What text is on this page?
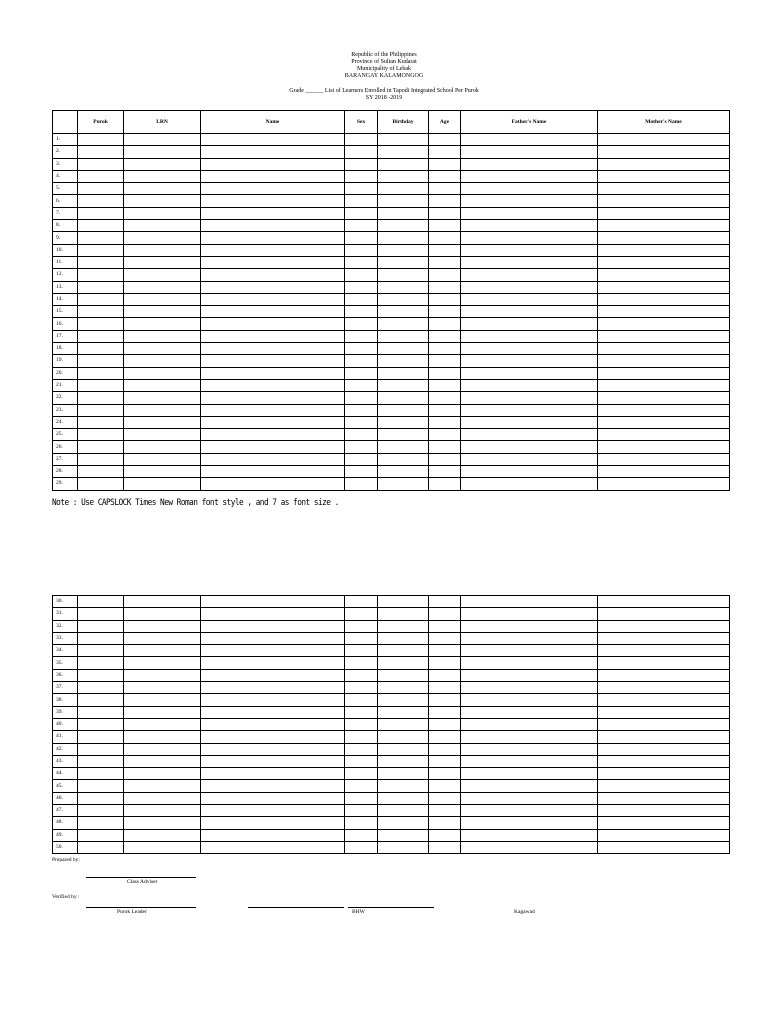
Republic of the Philippines
Province of Sultan Kudarat
Municipality of Lebak
BARANGAY KALAMONGOG
Grade ______ List of Learners Enrolled in Tapodi Integrated School Per Purok
SY 2018 -2019
	Purok	LRN	Name	Sex	Birthday	Age	Father's Name	Mother's Name
1.								
2.								
3.								
4.								
5.								
6.								
7.								
8.								
9.								
10.								
11.								
12.								
13.								
14.								
15.								
16.								
17.								
18.								
19.								
20.								
21.								
22.								
23.								
24.								
25.								
26.								
27.								
28.								
29.								
Note : Use CAPSLOCK Times New Roman font style , and 7 as font size .
30.								
31.								
32.								
33.								
34.								
35.								
36.								
37.								
38.								
39.								
40.								
41.								
42.								
43.								
44.								
45.								
46.								
47.								
48.								
49.								
50.								
Prepared by:
Class Adviser
Verified by :
Purok Leader	BHW	Kagawad
